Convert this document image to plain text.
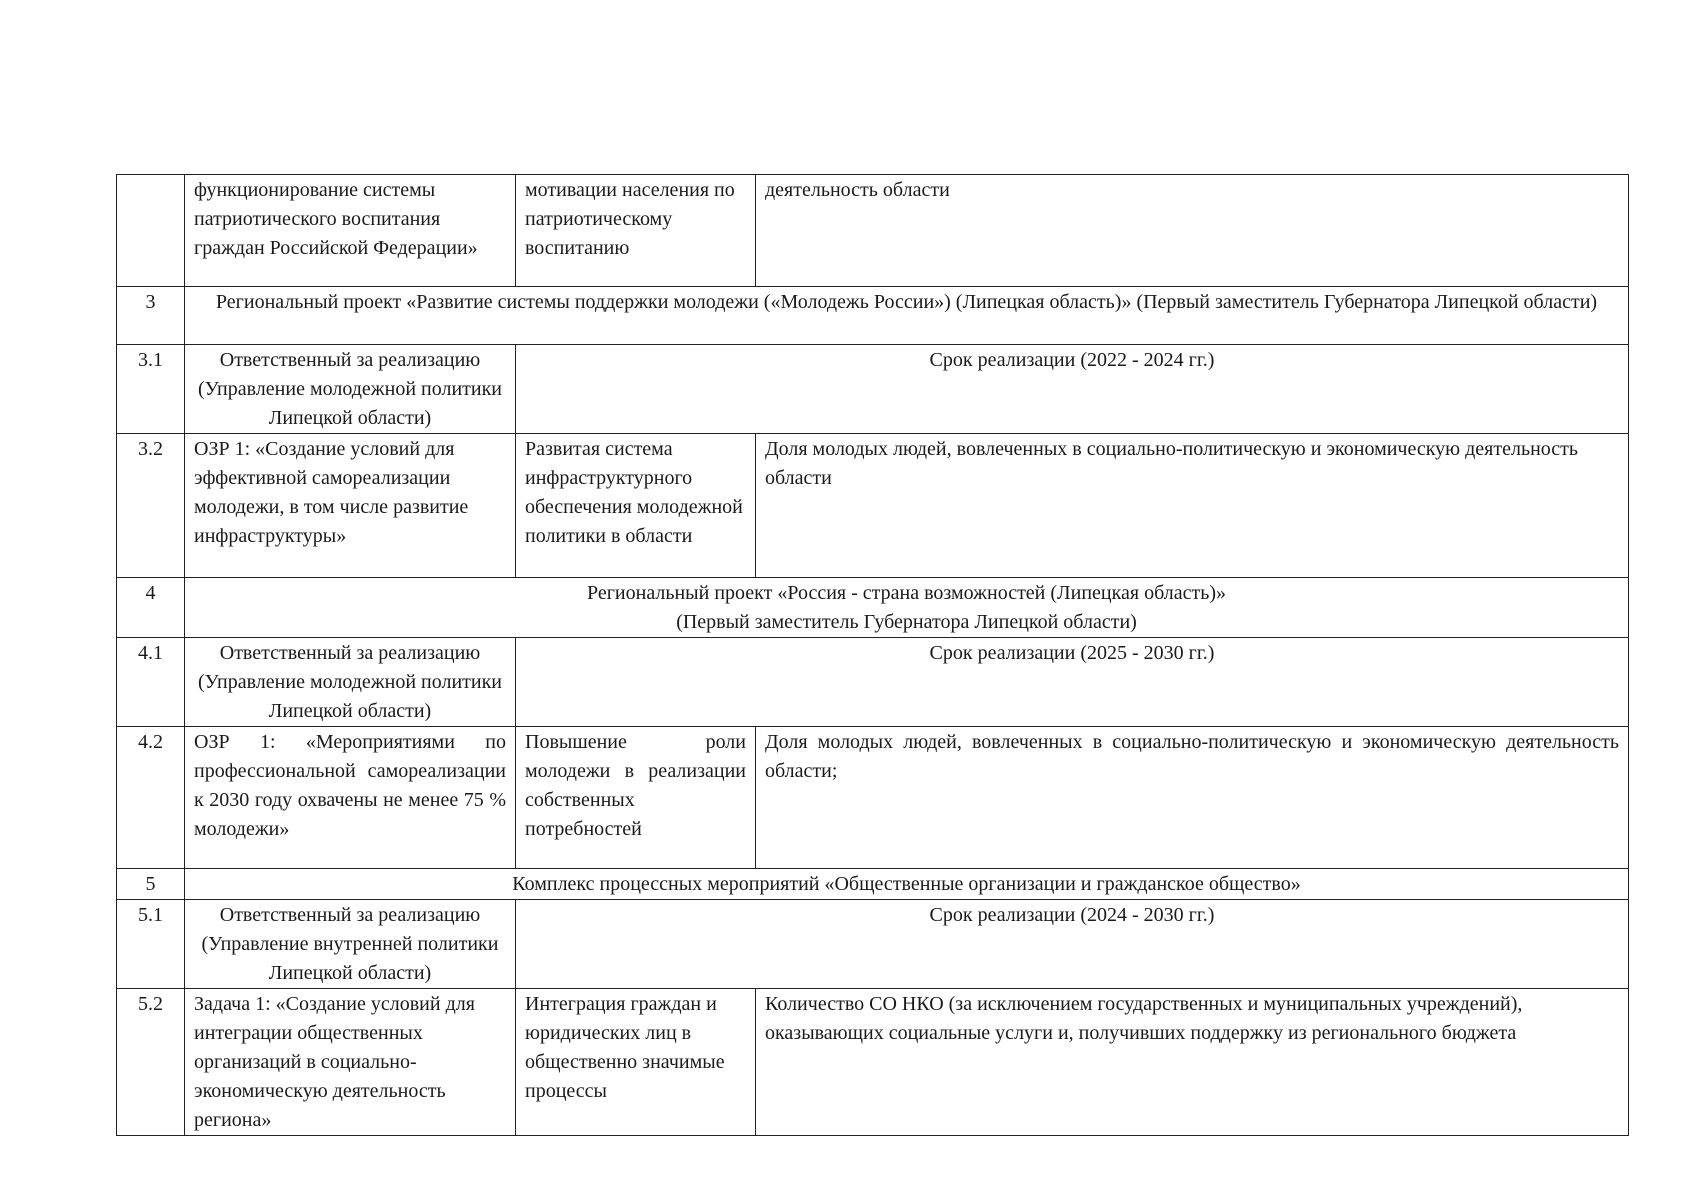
	функционирование системы патриотического воспитания граждан Российской Федерации»	мотивации населения по патриотическому воспитанию	деятельность области
3	Региональный проект «Развитие системы поддержки молодежи («Молодежь России») (Липецкая область)» (Первый заместитель Губернатора Липецкой области)		
3.1	Ответственный за реализацию (Управление молодежной политики Липецкой области)	Срок реализации (2022 - 2024 гг.)	
3.2	ОЗР 1: «Создание условий для эффективной самореализации молодежи, в том числе развитие инфраструктуры»	Развитая система инфраструктурного обеспечения молодежной политики в области	Доля молодых людей, вовлеченных в социально-политическую и экономическую деятельность области
4	Региональный проект «Россия - страна возможностей (Липецкая область)»
(Первый заместитель Губернатора Липецкой области)		

4.1	Ответственный за реализацию (Управление молодежной политики Липецкой области)	Срок реализации (2025 - 2030 гг.)	
4.2	ОЗР 1: «Мероприятиями по профессиональной самореализации к 2030 году охвачены не менее 75 % молодежи»	Повышение роли молодежи в реализации собственных потребностей	Доля молодых людей, вовлеченных в социально-политическую и экономическую деятельность области;
5	Комплекс процессных мероприятий «Общественные организации и гражданское общество»		
5.1	Ответственный за реализацию (Управление внутренней политики Липецкой области)	Срок реализации (2024 - 2030 гг.)	
5.2	Задача 1: «Создание условий для интеграции общественных организаций в социально-экономическую деятельность региона»	Интеграция граждан и юридических лиц в общественно значимые процессы	Количество СО НКО (за исключением государственных и муниципальных учреждений), оказывающих социальные услуги и, получивших поддержку из регионального бюджета
